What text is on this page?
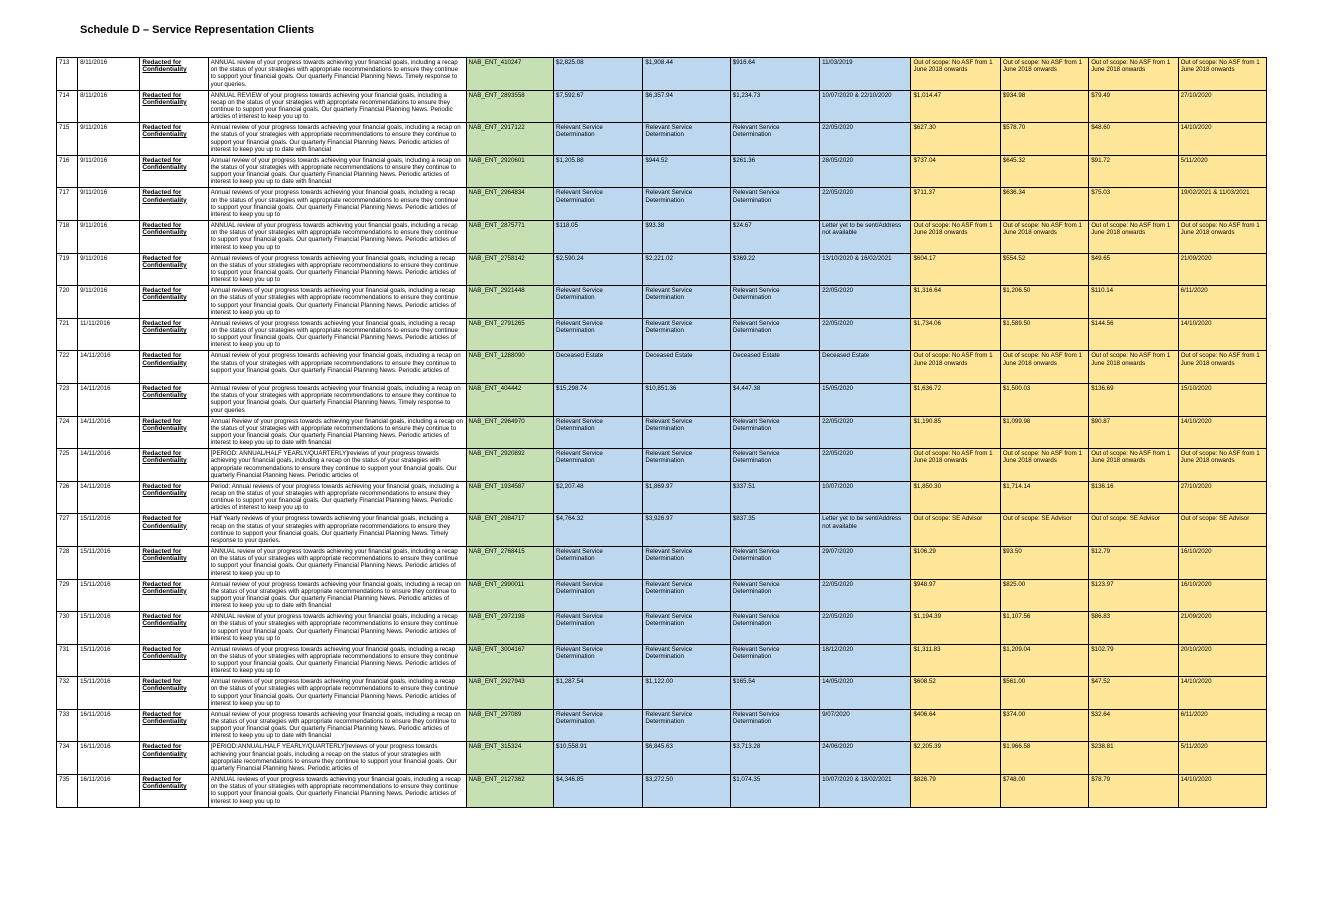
Schedule D – Service Representation Clients
713	8/11/2016	Redacted for Confidentiality	ANNUAL review of your progress towards achieving your financial goals, including a recap on the status of your strategies with appropriate recommendations to ensure they continue to support your financial goals. Our quarterly Financial Planning News. Timely response to your queries.	NAB_ENT_410247	$2,825.08	$1,908.44	$916.64	11/03/2019	Out of scope: No ASF from 1 June 2018 onwards	Out of scope: No ASF from 1 June 2018 onwards	Out of scope: No ASF from 1 June 2018 onwards	Out of scope: No ASF from 1 June 2018 onwards

714	8/11/2016	Redacted for Confidentiality	ANNUAL REVIEW of your progress towards achieving your financial goals, including a recap on the status of your strategies with appropriate recommendations to ensure they continue to support your financial goals. Our quarterly Financial Planning News. Periodic articles of interest to keep you up to	NAB_ENT_2893558	$7,592.67	$6,357.94	$1,234.73	10/07/2020 & 22/10/2020	$1,014.47	$934.98	$79.49	27/10/2020

715	9/11/2016	Redacted for Confidentiality	Annual review of your progress towards achieving your financial goals, including a recap on the status of your strategies with appropriate recommendations to ensure they continue to support your financial goals. Our quarterly Financial Planning News. Periodic articles of interest to keep you up to date with financial	NAB_ENT_2917122	Relevant Service Determination	Relevant Service Determination	Relevant Service Determination	22/05/2020	$627.30	$578.70	$48.60	14/10/2020

716	9/11/2016	Redacted for Confidentiality	Annual review of your progress towards achieving your financial goals, including a recap on the status of your strategies with appropriate recommendations to ensure they continue to support your financial goals. Our quarterly Financial Planning News. Periodic articles of interest to keep you up to date with financial	NAB_ENT_2920601	$1,205.88	$944.52	$261.36	28/05/2020	$737.04	$645.32	$91.72	5/11/2020

717	9/11/2016	Redacted for Confidentiality	Annual reviews of your progress towards achieving your financial goals, including a recap on the status of your strategies with appropriate recommendations to ensure they continue to support your financial goals. Our quarterly Financial Planning News. Periodic articles of interest to keep you up to	NAB_ENT_2964834	Relevant Service Determination	Relevant Service Determination	Relevant Service Determination	22/05/2020	$711.37	$636.34	$75.03	19/02/2021 & 11/03/2021

718	9/11/2016	Redacted for Confidentiality	ANNUAL review of your progress towards achieving your financial goals, including a recap on the status of your strategies with appropriate recommendations to ensure they continue to support your financial goals. Our quarterly Financial Planning News. Periodic articles of interest to keep you up to	NAB_ENT_2875771	$118.05	$93.38	$24.67	Letter yet to be sent/Address not available	Out of scope: No ASF from 1 June 2018 onwards	Out of scope: No ASF from 1 June 2018 onwards	Out of scope: No ASF from 1 June 2018 onwards	Out of scope: No ASF from 1 June 2018 onwards

719	9/11/2016	Redacted for Confidentiality	Annual reviews of your progress towards achieving your financial goals, including a recap on the status of your strategies with appropriate recommendations to ensure they continue to support your financial goals. Our quarterly Financial Planning News. Periodic articles of interest to keep you up to	NAB_ENT_2758142	$2,590.24	$2,221.02	$369.22	13/10/2020 & 16/02/2021	$604.17	$554.52	$49.65	21/09/2020

720	9/11/2016	Redacted for Confidentiality	Annual reviews of your progress towards achieving your financial goals, including a recap on the status of your strategies with appropriate recommendations to ensure they continue to support your financial goals. Our quarterly Financial Planning News. Periodic articles of interest to keep you up to	NAB_ENT_2921448	Relevant Service Determination	Relevant Service Determination	Relevant Service Determination	22/05/2020	$1,316.64	$1,206.50	$110.14	6/11/2020

721	11/11/2016	Redacted for Confidentiality	Annual reviews of your progress towards achieving your financial goals, including a recap on the status of your strategies with appropriate recommendations to ensure they continue to support your financial goals. Our quarterly Financial Planning News. Periodic articles of interest to keep you up to	NAB_ENT_2791265	Relevant Service Determination	Relevant Service Determination	Relevant Service Determination	22/05/2020	$1,734.06	$1,589.50	$144.56	14/10/2020

722	14/11/2016	Redacted for Confidentiality	Annual review of your progress towards achieving your financial goals, including a recap on the status of your strategies with appropriate recommendations to ensure they continue to support your financial goals. Our quarterly Financial Planning News. Periodic articles of	NAB_ENT_1288090	Deceased Estate	Deceased Estate	Deceased Estate	Deceased Estate	Out of scope: No ASF from 1 June 2018 onwards	Out of scope: No ASF from 1 June 2018 onwards	Out of scope: No ASF from 1 June 2018 onwards	Out of scope: No ASF from 1 June 2018 onwards

723	14/11/2016	Redacted for Confidentiality	Annual review of your progress towards achieving your financial goals, including a recap on the status of your strategies with appropriate recommendations to ensure they continue to support your financial goals. Our quarterly Financial Planning News. Timely response to your queries	NAB_ENT_404442	$15,298.74	$10,851.36	$4,447.38	15/05/2020	$1,636.72	$1,500.03	$136.69	15/10/2020

724	14/11/2016	Redacted for Confidentiality	Annual Review of your progress towards achieving your financial goals, including a recap on the status of your strategies with appropriate recommendations to ensure they continue to support your financial goals. Our quarterly Financial Planning News. Periodic articles of interest to keep you up to date with financial	NAB_ENT_2964970	Relevant Service Determination	Relevant Service Determination	Relevant Service Determination	22/05/2020	$1,190.85	$1,099.98	$90.87	14/10/2020

725	14/11/2016	Redacted for Confidentiality	[PERIOD: ANNUAL/HALF YEARLY/QUARTERLY]reviews of your progress towards achieving your financial goals, including a recap on the status of your strategies with appropriate recommendations to ensure they continue to support your financial goals. Our quarterly Financial Planning News. Periodic articles of	NAB_ENT_2920892	Relevant Service Determination	Relevant Service Determination	Relevant Service Determination	22/05/2020	Out of scope: No ASF from 1 June 2018 onwards	Out of scope: No ASF from 1 June 2018 onwards	Out of scope: No ASF from 1 June 2018 onwards	Out of scope: No ASF from 1 June 2018 onwards

726	14/11/2016	Redacted for Confidentiality	Period: Annual reviews of your progress towards achieving your financial goals, including a recap on the status of your strategies with appropriate recommendations to ensure they continue to support your financial goals. Our quarterly Financial Planning News. Periodic articles of interest to keep you up to	NAB_ENT_1934587	$2,207.48	$1,869.97	$337.51	10/07/2020	$1,850.30	$1,714.14	$136.16	27/10/2020

727	15/11/2016	Redacted for Confidentiality	Half Yearly reviews of your progress towards achieving your financial goals, including a recap on the status of your strategies with appropriate recommendations to ensure they continue to support your financial goals. Our quarterly Financial Planning News. Timely response to your queries.	NAB_ENT_2984717	$4,764.32	$3,926.97	$837.35	Letter yet to be sent/Address not available	Out of scope: SE Advisor	Out of scope: SE Advisor	Out of scope: SE Advisor	Out of scope: SE Advisor

728	15/11/2016	Redacted for Confidentiality	ANNUAL review of your progress towards achieving your financial goals, including a recap on the status of your strategies with appropriate recommendations to ensure they continue to support your financial goals. Our quarterly Financial Planning News. Periodic articles of interest to keep you up to	NAB_ENT_2768415	Relevant Service Determination	Relevant Service Determination	Relevant Service Determination	29/07/2020	$106.29	$93.50	$12.79	16/10/2020

729	15/11/2016	Redacted for Confidentiality	Annual review of your progress towards achieving your financial goals, including a recap on the status of your strategies with appropriate recommendations to ensure they continue to support your financial goals. Our quarterly Financial Planning News. Periodic articles of interest to keep you up to date with financial	NAB_ENT_2990011	Relevant Service Determination	Relevant Service Determination	Relevant Service Determination	22/05/2020	$948.97	$825.00	$123.97	16/10/2020

730	15/11/2016	Redacted for Confidentiality	ANNUAL review of your progress towards achieving your financial goals, including a recap on the status of your strategies with appropriate recommendations to ensure they continue to support your financial goals. Our quarterly Financial Planning News. Periodic articles of interest to keep you up to	NAB_ENT_2972198	Relevant Service Determination	Relevant Service Determination	Relevant Service Determination	22/05/2020	$1,194.39	$1,107.56	$86.83	21/09/2020

731	15/11/2016	Redacted for Confidentiality	Annual reviews of your progress towards achieving your financial goals, including a recap on the status of your strategies with appropriate recommendations to ensure they continue to support your financial goals. Our quarterly Financial Planning News. Periodic articles of interest to keep you up to	NAB_ENT_3004167	Relevant Service Determination	Relevant Service Determination	Relevant Service Determination	18/12/2020	$1,311.83	$1,209.04	$102.79	20/10/2020

732	15/11/2016	Redacted for Confidentiality	Annual reviews of your progress towards achieving your financial goals, including a recap on the status of your strategies with appropriate recommendations to ensure they continue to support your financial goals. Our quarterly Financial Planning News. Periodic articles of interest to keep you up to	NAB_ENT_2927943	$1,287.54	$1,122.00	$165.54	14/05/2020	$608.52	$561.00	$47.52	14/10/2020

733	16/11/2016	Redacted for Confidentiality	Annual review of your progress towards achieving your financial goals, including a recap on the status of your strategies with appropriate recommendations to ensure they continue to support your financial goals. Our quarterly Financial Planning News. Periodic articles of interest to keep you up to date with financial	NAB_ENT_297089	Relevant Service Determination	Relevant Service Determination	Relevant Service Determination	9/07/2020	$406.64	$374.00	$32.64	6/11/2020

734	16/11/2016	Redacted for Confidentiality	[PERIOD:ANNUAL/HALF YEARLY/QUARTERLY]reviews of your progress towards achieving your financial goals, including a recap on the status of your strategies with appropriate recommendations to ensure they continue to support your financial goals. Our quarterly Financial Planning News. Periodic articles of	NAB_ENT_315324	$10,558.91	$6,845.63	$3,713.28	24/06/2020	$2,205.39	$1,966.58	$238.81	5/11/2020

735	16/11/2016	Redacted for Confidentiality	ANNUAL reviews of your progress towards achieving your financial goals, including a recap on the status of your strategies with appropriate recommendations to ensure they continue to support your financial goals. Our quarterly Financial Planning News. Periodic articles of interest to keep you up to	NAB_ENT_2127362	$4,346.85	$3,272.50	$1,074.35	10/07/2020 & 18/02/2021	$826.79	$748.00	$78.79	14/10/2020
